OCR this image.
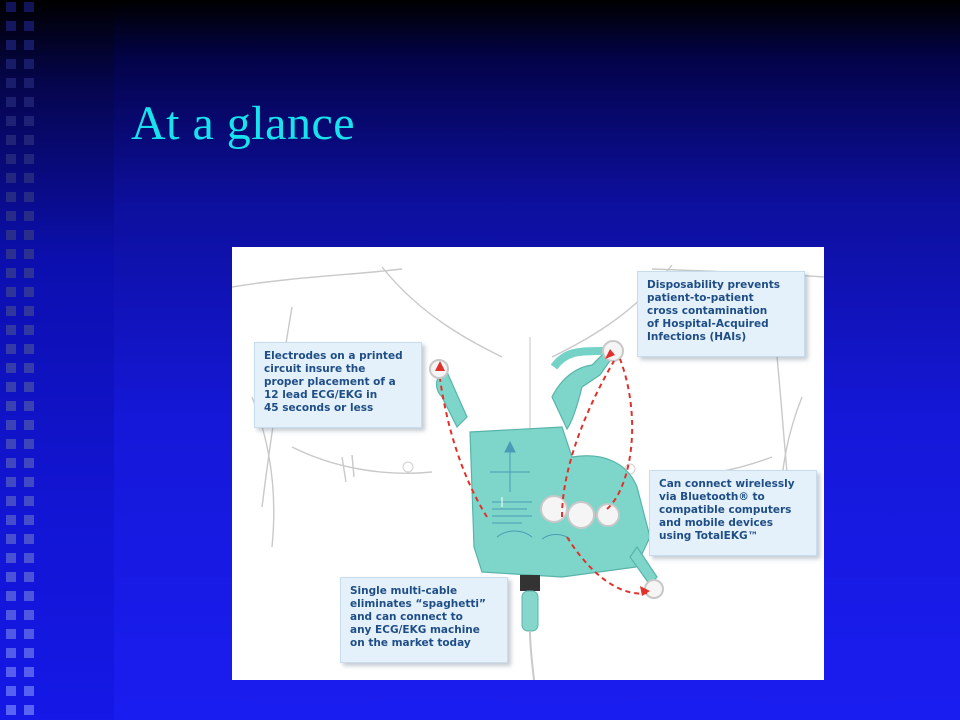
At a glance
Disposability prevents
patient-to-patient
cross contamination
of Hospital-Acquired
Infections (HAIs)
Electrodes on a printed
circuit insure the
proper placement of a
12 lead ECG/EKG in
45 seconds or less
Can connect wirelessly
via Bluetooth® to
compatible computers
and mobile devices
using TotalEKG™
Single multi-cable
eliminates “spaghetti”
and can connect to
any ECG/EKG machine
on the market today
